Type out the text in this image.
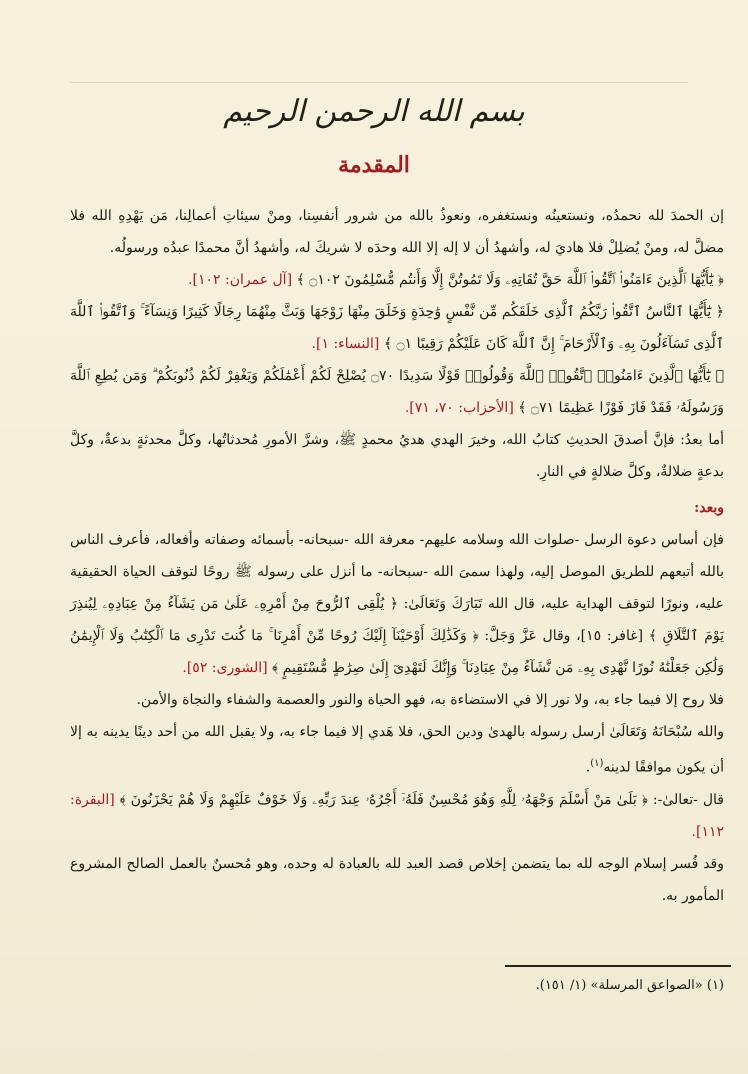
بسم الله الرحمن الرحيم
المقدمة

إن الحمدَ لله نحمدُه، ونستعينُه ونستغفره، ونعوذُ بالله من شرور أنفسِنا، ومنْ سيئاتِ أعمالِنا، مَن يَهْدِهِ الله فلا مضلَّ له، ومنْ يُضلِلْ فلا هاديَ له، وأشهدُ أن لا إله إلا الله وحدَه لا شريكَ له، وأشهدُ أنَّ محمدًا عبدُه ورسولُه.

﴿ يَٰٓأَيُّهَا ٱلَّذِينَ ءَامَنُوا۟ ٱتَّقُوا۟ ٱللَّهَ حَقَّ تُقَاتِهِۦ وَلَا تَمُوتُنَّ إِلَّا وَأَنتُم مُّسْلِمُونَ ۝١٠٢ ﴾ [آل عمران: ١٠٢].

﴿ يَٰٓأَيُّهَا ٱلنَّاسُ ٱتَّقُوا۟ رَبَّكُمُ ٱلَّذِى خَلَقَكُم مِّن نَّفْسٍ وَٰحِدَةٍ وَخَلَقَ مِنْهَا زَوْجَهَا وَبَثَّ مِنْهُمَا رِجَالًا كَثِيرًا وَنِسَآءً ۚ وَٱتَّقُوا۟ ٱللَّهَ ٱلَّذِى تَسَآءَلُونَ بِهِۦ وَٱلْأَرْحَامَ ۚ إِنَّ ٱللَّهَ كَانَ عَلَيْكُمْ رَقِيبًا ۝١ ﴾ [النساء: ١].

﴿ يَٰٓأَيُّهَا ٱلَّذِينَ ءَامَنُوا۟ ٱتَّقُوا۟ ٱللَّهَ وَقُولُوا۟ قَوْلًا سَدِيدًا ۝٧٠ يُصْلِحْ لَكُمْ أَعْمَٰلَكُمْ وَيَغْفِرْ لَكُمْ ذُنُوبَكُمْ ۗ وَمَن يُطِعِ ٱللَّهَ وَرَسُولَهُۥ فَقَدْ فَازَ فَوْزًا عَظِيمًا ۝٧١ ﴾ [الأحزاب: ٧٠، ٧١].

أما بعدُ: فإنَّ أصدقَ الحديثِ كتابُ الله، وخيرَ الهدي هديُ محمدٍ ﷺ، وشرَّ الأمورِ مُحدثاتُها، وكلَّ محدثةٍ بدعةٌ، وكلَّ بدعةٍ ضلالةٌ، وكلَّ ضلالةٍ في النارِ.

وبعد:

فإن أساس دعوة الرسل -صلوات الله وسلامه عليهم- معرفة الله -سبحانه- بأسمائه وصفاته وأفعاله، فأعرف الناس بالله أتبعهم للطريق الموصل إليه، ولهذا سمىَ الله -سبحانه- ما أنزل على رسوله ﷺ روحًا لتوقف الحياة الحقيقية عليه، ونورًا لتوقف الهداية عليه، قال الله تَبَارَكَ وَتَعَالَىٰ: ﴿ يُلْقِى ٱلرُّوحَ مِنْ أَمْرِهِۦ عَلَىٰ مَن يَشَآءُ مِنْ عِبَادِهِۦ لِيُنذِرَ يَوْمَ ٱلتَّلَاقِ ﴾ [غافر: ١٥]، وقال عَزَّ وَجَلَّ: ﴿ وَكَذَٰلِكَ أَوْحَيْنَآ إِلَيْكَ رُوحًا مِّنْ أَمْرِنَا ۚ مَا كُنتَ تَدْرِى مَا ٱلْكِتَٰبُ وَلَا ٱلْإِيمَٰنُ وَلَٰكِن جَعَلْنَٰهُ نُورًا نَّهْدِى بِهِۦ مَن نَّشَآءُ مِنْ عِبَادِنَا ۚ وَإِنَّكَ لَتَهْدِىٓ إِلَىٰ صِرَٰطٍ مُّسْتَقِيمٍ ﴾ [الشورى: ٥٢].

فلا روح إلا فيما جاء به، ولا نور إلا في الاستضاءة به، فهو الحياة والنور والعصمة والشفاء والنجاة والأمن.

والله سُبْحَانَهُ وَتَعَالَىٰ أرسل رسوله بالهدىٰ ودين الحق، فلا هَدي إلا فيما جاء به، ولا يقبل الله من أحد دينًا يدينه به إلا أن يكون موافقًا لدينه$^{(١)}$.

قال -تعالىٰ-: ﴿ بَلَىٰ مَنْ أَسْلَمَ وَجْهَهُۥ لِلَّهِ وَهُوَ مُحْسِنٌ فَلَهُۥٓ أَجْرُهُۥ عِندَ رَبِّهِۦ وَلَا خَوْفٌ عَلَيْهِمْ وَلَا هُمْ يَحْزَنُونَ ﴾ [البقرة: ١١٢].

وقد فُسر إسلام الوجه لله بما يتضمن إخلاص قصد العبد لله بالعبادة له وحده، وهو مُحسنٌ بالعمل الصالح المشروع المأمور به.

(١) «الصواعق المرسلة» (١/ ١٥١).
